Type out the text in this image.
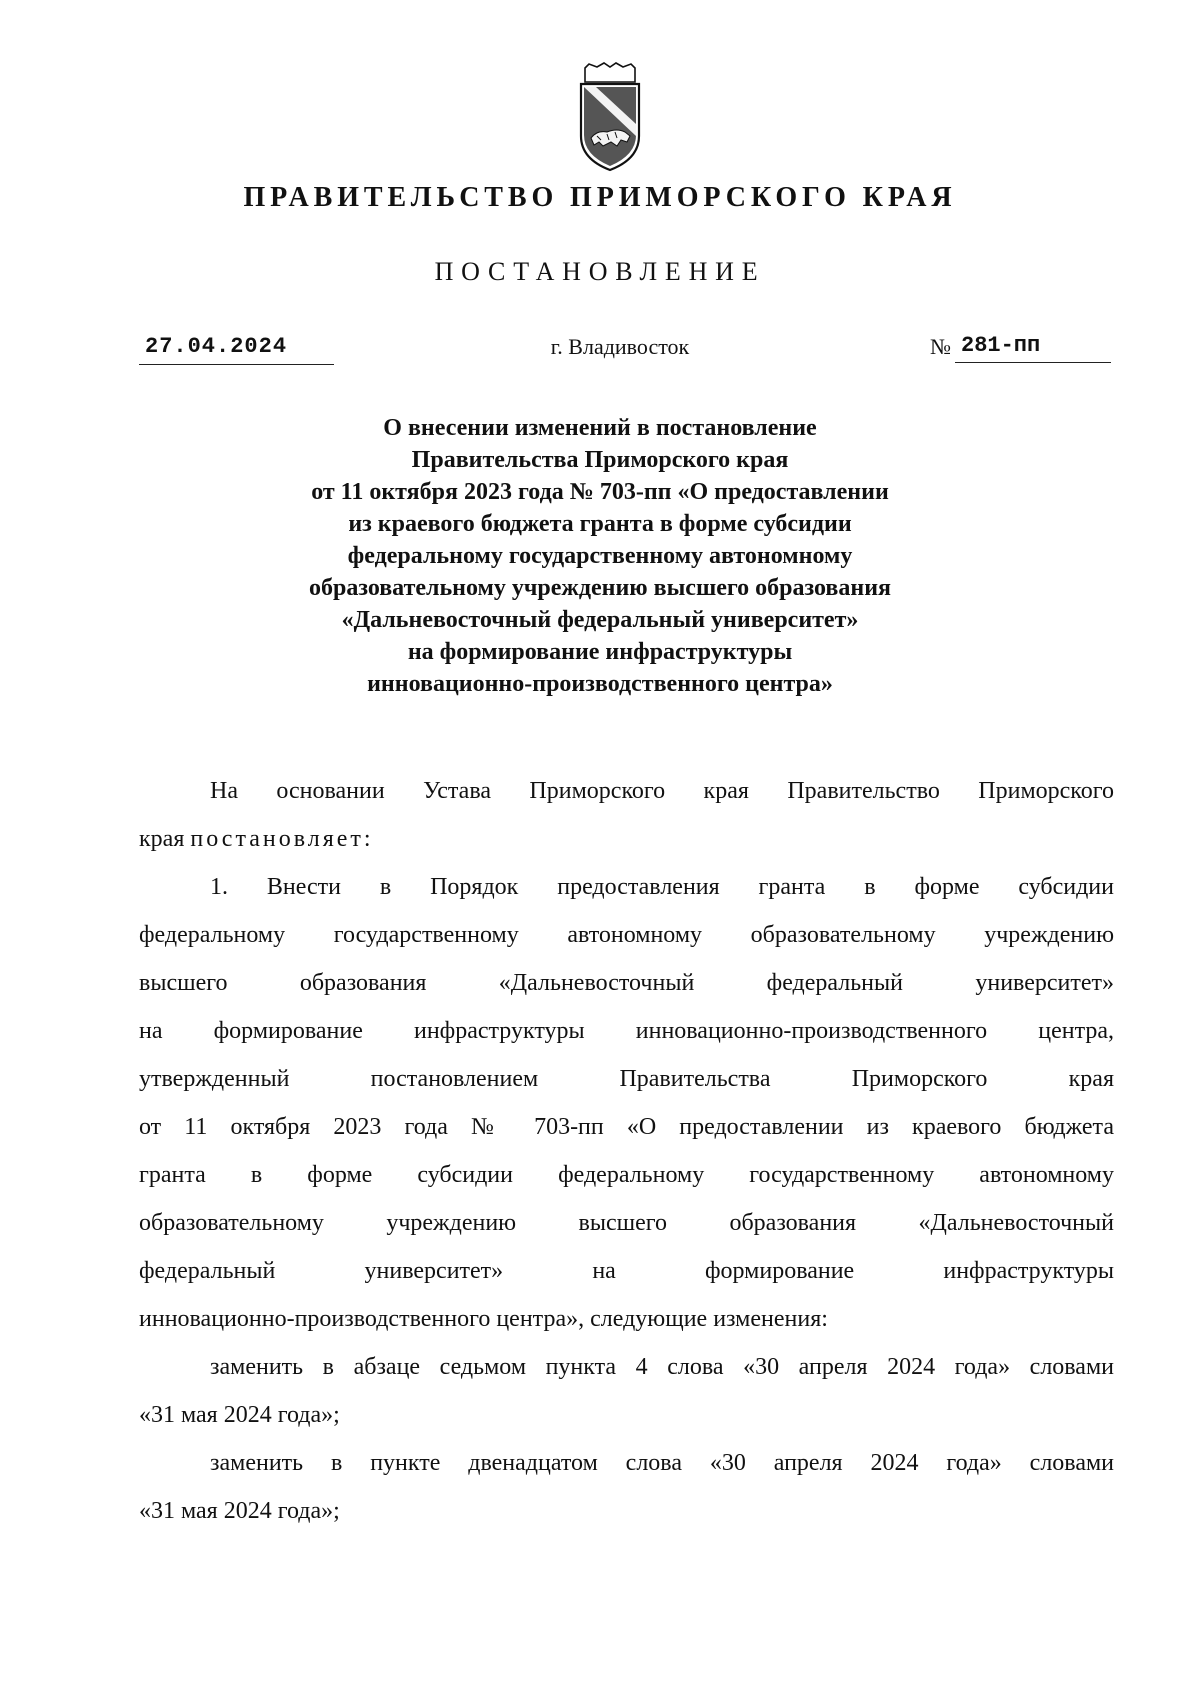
ПРАВИТЕЛЬСТВО ПРИМОРСКОГО КРАЯ
ПОСТАНОВЛЕНИЕ
27.04.2024	г. Владивосток	№ 281-пп
О внесении изменений в постановление
Правительства Приморского края
от 11 октября 2023 года № 703-пп «О предоставлении
из краевого бюджета гранта в форме субсидии
федеральному государственному автономному
образовательному учреждению высшего образования
«Дальневосточный федеральный университет»
на формирование инфраструктуры
инновационно-производственного центра»
На основании Устава Приморского края Правительство Приморского
края постановляет:
1. Внести в Порядок предоставления гранта в форме субсидии
федеральному государственному автономному образовательному учреждению
высшего образования «Дальневосточный федеральный университет»
на формирование инфраструктуры инновационно-производственного центра,
утвержденный постановлением Правительства Приморского края
от 11 октября 2023 года № 703-пп «О предоставлении из краевого бюджета
гранта в форме субсидии федеральному государственному автономному
образовательному учреждению высшего образования «Дальневосточный
федеральный университет» на формирование инфраструктуры
инновационно-производственного центра», следующие изменения:
заменить в абзаце седьмом пункта 4 слова «30 апреля 2024 года» словами
«31 мая 2024 года»;
заменить в пункте двенадцатом слова «30 апреля 2024 года» словами
«31 мая 2024 года»;
